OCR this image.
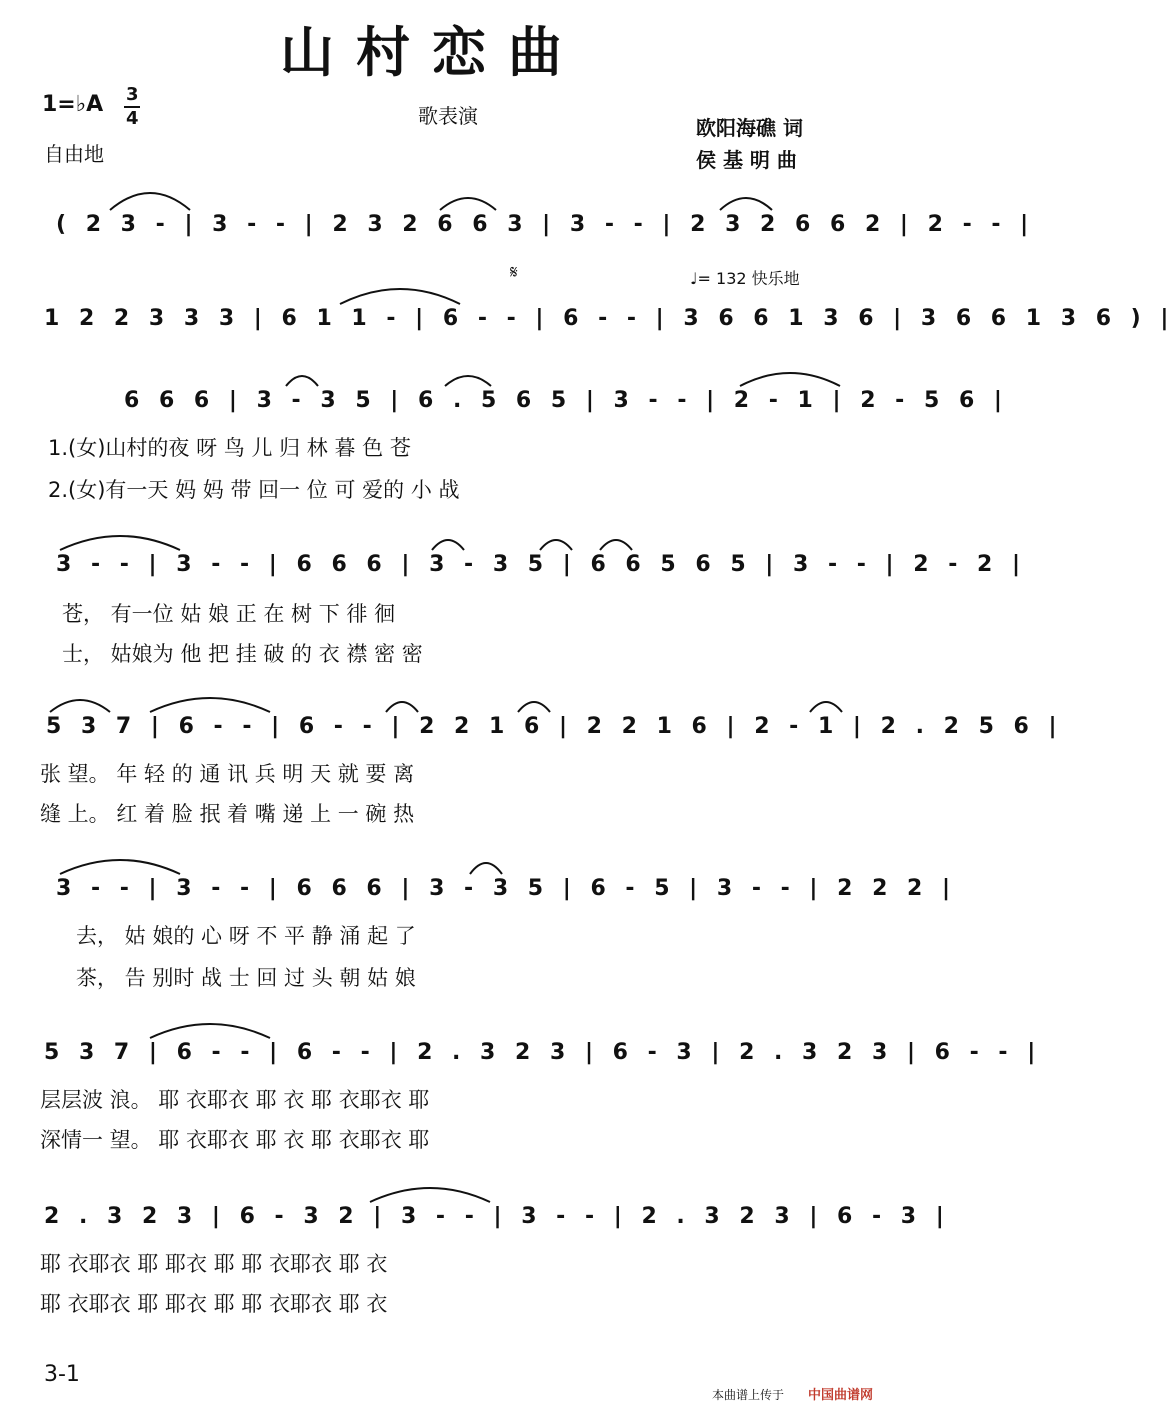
山村恋曲
1=♭A 3
4
自由地
歌表演	欧阳海礁 词
侯 基 明 曲
( 2 3 - | 3 - - | 2 3 2 6 6 3 | 3 - - | 2 3 2 6 6 2 | 2 - - |
𝄋	♩= 132 快乐地
1 2 2 3 3 3 | 6 1 1 - | 6 - - | 6 - - | 3 6 6 1 3 6 | 3 6 6 1 3 6 ) |
6 6 6 | 3 - 3 5 | 6 . 5 6 5 | 3 - - | 2 - 1 | 2 - 5 6 |
1.(女)山村的夜 呀 鸟 儿 归 林 暮 色 苍
2.(女)有一天 妈 妈 带 回一 位 可 爱的 小 战
3 - - | 3 - - | 6 6 6 | 3 - 3 5 | 6 6 5 6 5 | 3 - - | 2 - 2 |
苍， 有一位 姑 娘 正 在 树 下 徘 徊
士， 姑娘为 他 把 挂 破 的 衣 襟 密 密
5 3 7 | 6 - - | 6 - - | 2 2 1 6 | 2 2 1 6 | 2 - 1 | 2 . 2 5 6 |
张 望。 年 轻 的 通 讯 兵 明 天 就 要 离
缝 上。 红 着 脸 抿 着 嘴 递 上 一 碗 热
3 - - | 3 - - | 6 6 6 | 3 - 3 5 | 6 - 5 | 3 - - | 2 2 2 |
去， 姑 娘的 心 呀 不 平 静 涌 起 了
茶， 告 别时 战 士 回 过 头 朝 姑 娘
5 3 7 | 6 - - | 6 - - | 2 . 3 2 3 | 6 - 3 | 2 . 3 2 3 | 6 - - |
层层波 浪。 耶 衣耶衣 耶 衣 耶 衣耶衣 耶
深情一 望。 耶 衣耶衣 耶 衣 耶 衣耶衣 耶
2 . 3 2 3 | 6 - 3 2 | 3 - - | 3 - - | 2 . 3 2 3 | 6 - 3 |
耶 衣耶衣 耶 耶衣 耶 耶 衣耶衣 耶 衣
耶 衣耶衣 耶 耶衣 耶 耶 衣耶衣 耶 衣
3-1
本曲谱上传于 中国曲谱网
